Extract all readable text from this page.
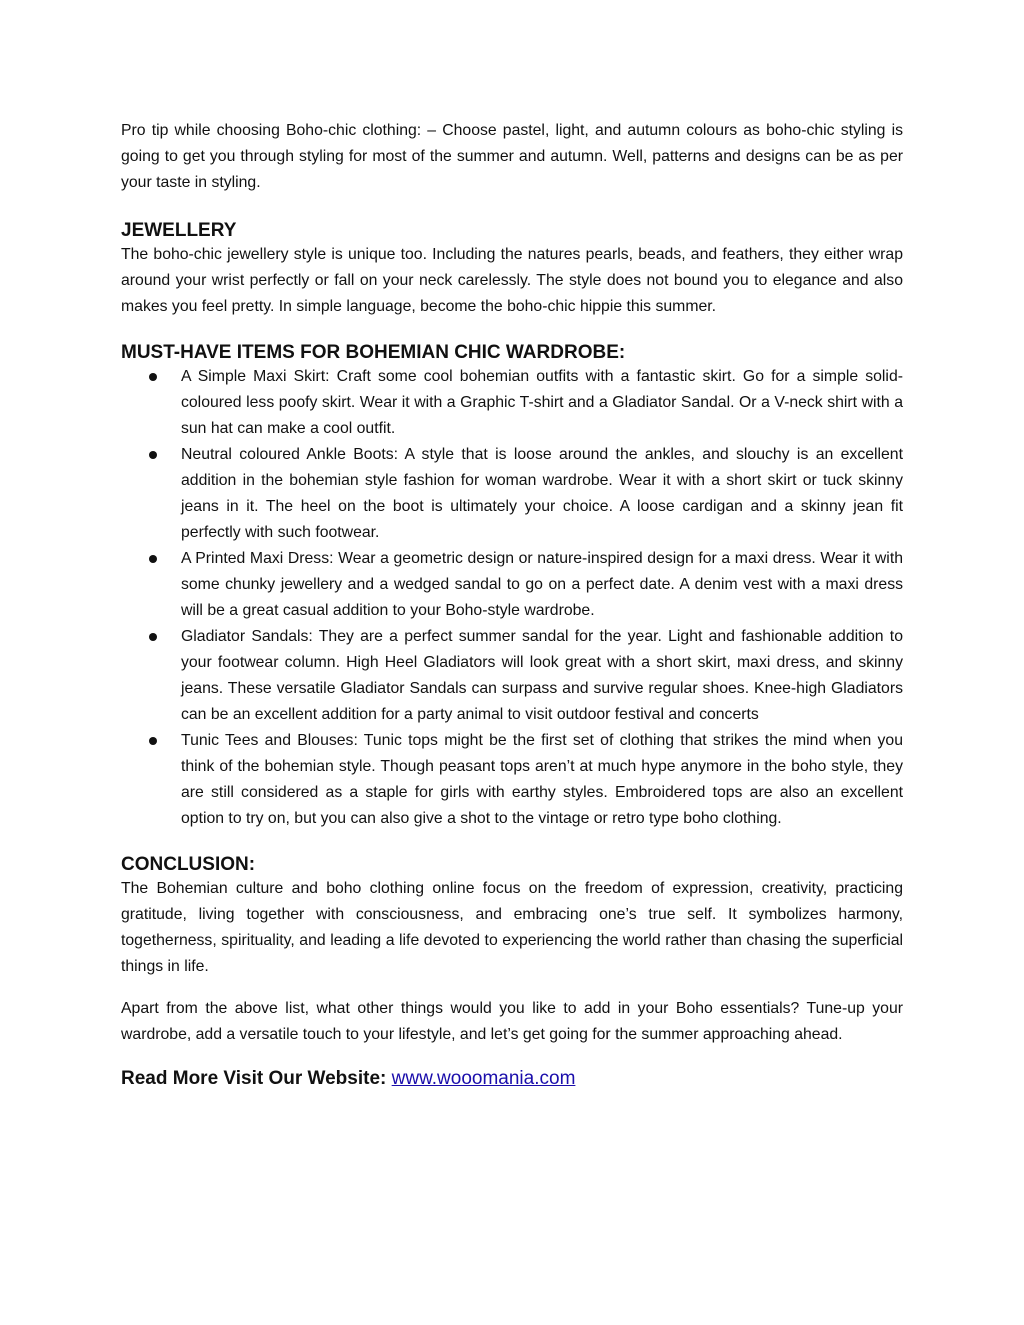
Pro tip while choosing Boho-chic clothing: – Choose pastel, light, and autumn colours as boho-chic styling is going to get you through styling for most of the summer and autumn. Well, patterns and designs can be as per your taste in styling.

JEWELLERY

The boho-chic jewellery style is unique too. Including the natures pearls, beads, and feathers, they either wrap around your wrist perfectly or fall on your neck carelessly. The style does not bound you to elegance and also makes you feel pretty. In simple language, become the boho-chic hippie this summer.

MUST-HAVE ITEMS FOR BOHEMIAN CHIC WARDROBE:
A Simple Maxi Skirt: Craft some cool bohemian outfits with a fantastic skirt. Go for a simple solid-coloured less poofy skirt. Wear it with a Graphic T-shirt and a Gladiator Sandal. Or a V-neck shirt with a sun hat can make a cool outfit.
Neutral coloured Ankle Boots: A style that is loose around the ankles, and slouchy is an excellent addition in the bohemian style fashion for woman wardrobe. Wear it with a short skirt or tuck skinny jeans in it. The heel on the boot is ultimately your choice. A loose cardigan and a skinny jean fit perfectly with such footwear.
A Printed Maxi Dress: Wear a geometric design or nature-inspired design for a maxi dress. Wear it with some chunky jewellery and a wedged sandal to go on a perfect date. A denim vest with a maxi dress will be a great casual addition to your Boho-style wardrobe.
Gladiator Sandals: They are a perfect summer sandal for the year. Light and fashionable addition to your footwear column. High Heel Gladiators will look great with a short skirt, maxi dress, and skinny jeans. These versatile Gladiator Sandals can surpass and survive regular shoes. Knee-high Gladiators can be an excellent addition for a party animal to visit outdoor festival and concerts
Tunic Tees and Blouses: Tunic tops might be the first set of clothing that strikes the mind when you think of the bohemian style. Though peasant tops aren’t at much hype anymore in the boho style, they are still considered as a staple for girls with earthy styles. Embroidered tops are also an excellent option to try on, but you can also give a shot to the vintage or retro type boho clothing.
CONCLUSION:

The Bohemian culture and boho clothing online focus on the freedom of expression, creativity, practicing gratitude, living together with consciousness, and embracing one’s true self. It symbolizes harmony, togetherness, spirituality, and leading a life devoted to experiencing the world rather than chasing the superficial things in life.

Apart from the above list, what other things would you like to add in your Boho essentials? Tune-up your wardrobe, add a versatile touch to your lifestyle, and let’s get going for the summer approaching ahead.

Read More Visit Our Website: www.wooomania.com
